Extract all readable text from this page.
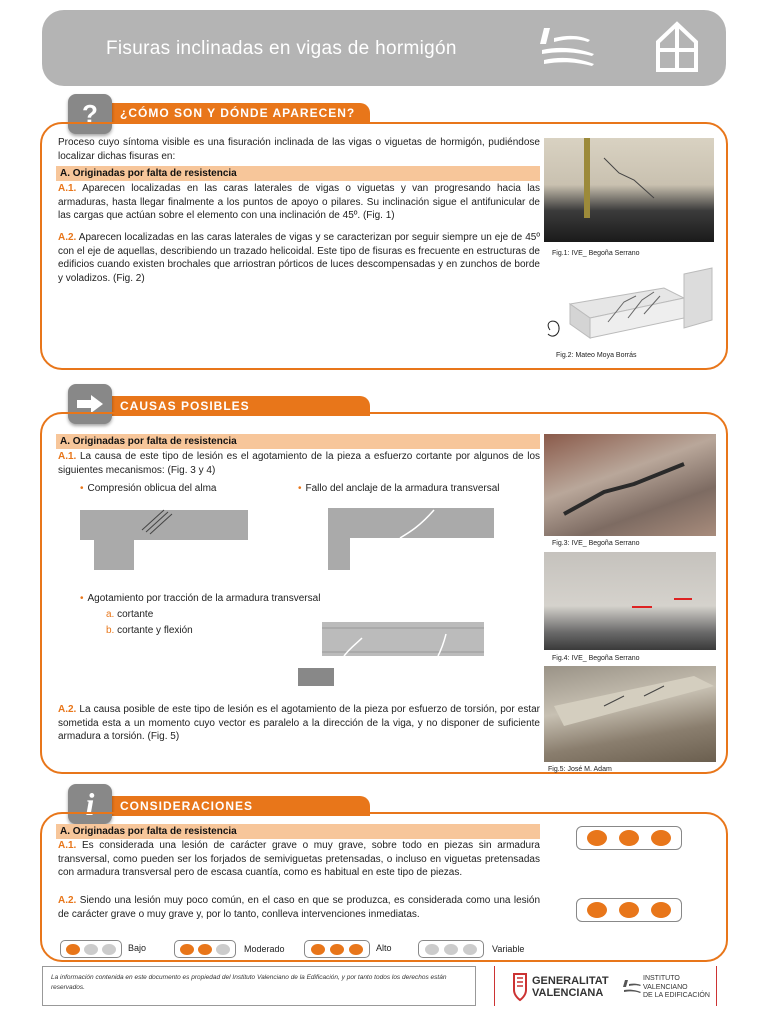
Fisuras inclinadas en vigas de hormigón
¿CÓMO SON Y DÓNDE APARECEN?
?
Proceso cuyo síntoma visible es una fisuración inclinada de las vigas o viguetas de hormigón, pudiéndose localizar dichas fisuras en:
A. Originadas por falta de resistencia
A.1. Aparecen localizadas en las caras laterales de vigas o viguetas y van progresando hacia las armaduras, hasta llegar finalmente a los puntos de apoyo o pilares. Su inclinación sigue el antifunicular de las cargas que actúan sobre el elemento con una inclinación de 45º. (Fig. 1)
A.2. Aparecen localizadas en las caras laterales de vigas y se caracterizan por seguir siempre un eje de 45º con el eje de aquellas, describiendo un trazado helicoidal. Este tipo de fisuras es frecuente en estructuras de edificios cuando existen brochales que arriostran pórticos de luces descompensadas y en zunchos de borde y voladizos. (Fig. 2)
Fig.1: IVE_ Begoña Serrano
Fig.2: Mateo Moya Borrás
CAUSAS POSIBLES
A. Originadas por falta de resistencia
A.1. La causa de este tipo de lesión es el agotamiento de la pieza a esfuerzo cortante por algunos de los siguientes mecanismos: (Fig. 3 y 4)
• Compresión oblicua del alma	• Fallo del anclaje de la armadura transversal
• Agotamiento por tracción de la armadura transversal
a. cortante
b. cortante y flexión
A.2. La causa posible de este tipo de lesión es el agotamiento de la pieza por esfuerzo de torsión, por estar sometida esta a un momento cuyo vector es paralelo a la dirección de la viga, y no disponer de suficiente armadura a torsión. (Fig. 5)
Fig.3: IVE_ Begoña Serrano
Fig.4: IVE_ Begoña Serrano
Fig.5: José M. Adam
CONSIDERACIONES
i
A. Originadas por falta de resistencia
A.1. Es considerada una lesión de carácter grave o muy grave, sobre todo en piezas sin armadura transversal, como pueden ser los forjados de semiviguetas pretensadas, o incluso en viguetas pretensadas con armadura transversal pero de escasa cuantía, como es habitual en este tipo de piezas.
A.2. Siendo una lesión muy poco común, en el caso en que se produzca, es considerada como una lesión de carácter grave o muy grave y, por lo tanto, conlleva intervenciones inmediatas.
Bajo	Moderado	Alto	Variable
La información contenida en este documento es propiedad del Instituto Valenciano de la Edificación, y por tanto todos los derechos están reservados.
GENERALITAT
VALENCIANA
INSTITUTO
VALENCIANO
DE LA EDIFICACIÓN
